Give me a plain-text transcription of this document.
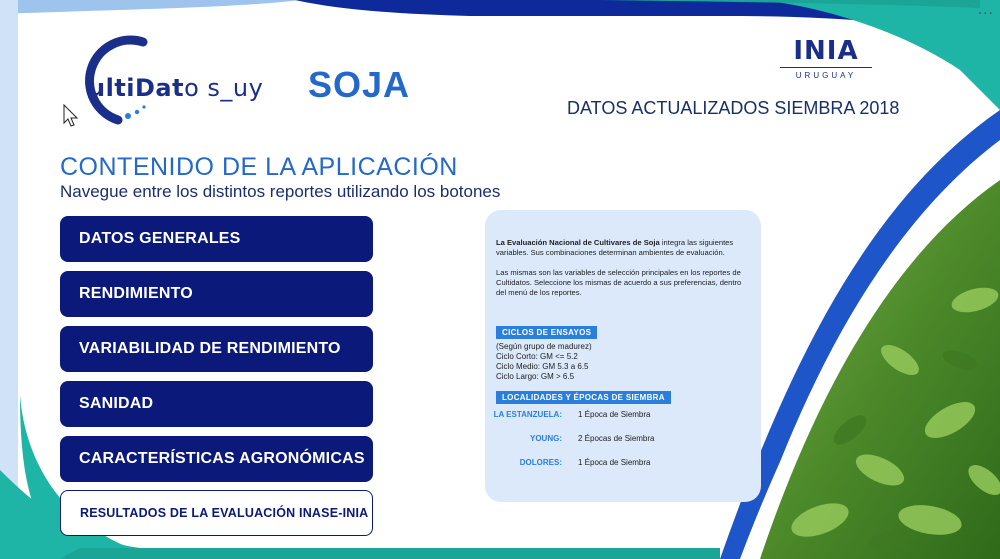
...
ultiDato s_uy SOJA
INIA
URUGUAY
DATOS ACTUALIZADOS SIEMBRA 2018
CONTENIDO DE LA APLICACIÓN
Navegue entre los distintos reportes utilizando los botones
DATOS GENERALES
RENDIMIENTO
VARIABILIDAD DE RENDIMIENTO
SANIDAD
CARACTERÍSTICAS AGRONÓMICAS
RESULTADOS DE LA EVALUACIÓN INASE-INIA

La Evaluación Nacional de Cultivares de Soja integra las siguientes variables. Sus combinaciones determinan ambientes de evaluación.

Las mismas son las variables de selección principales en los reportes de Cultidatos. Seleccione los mismas de acuerdo a sus preferencias, dentro del menú de los reportes.

CICLOS DE ENSAYOS
(Según grupo de madurez)
Ciclo Corto: GM <= 5.2
Ciclo Medio: GM 5.3 a 6.5
Ciclo Largo: GM > 6.5
LOCALIDADES Y ÉPOCAS DE SIEMBRA
LA ESTANZUELA: 1 Época de Siembra
YOUNG: 2 Épocas de Siembra
DOLORES: 1 Época de Siembra
